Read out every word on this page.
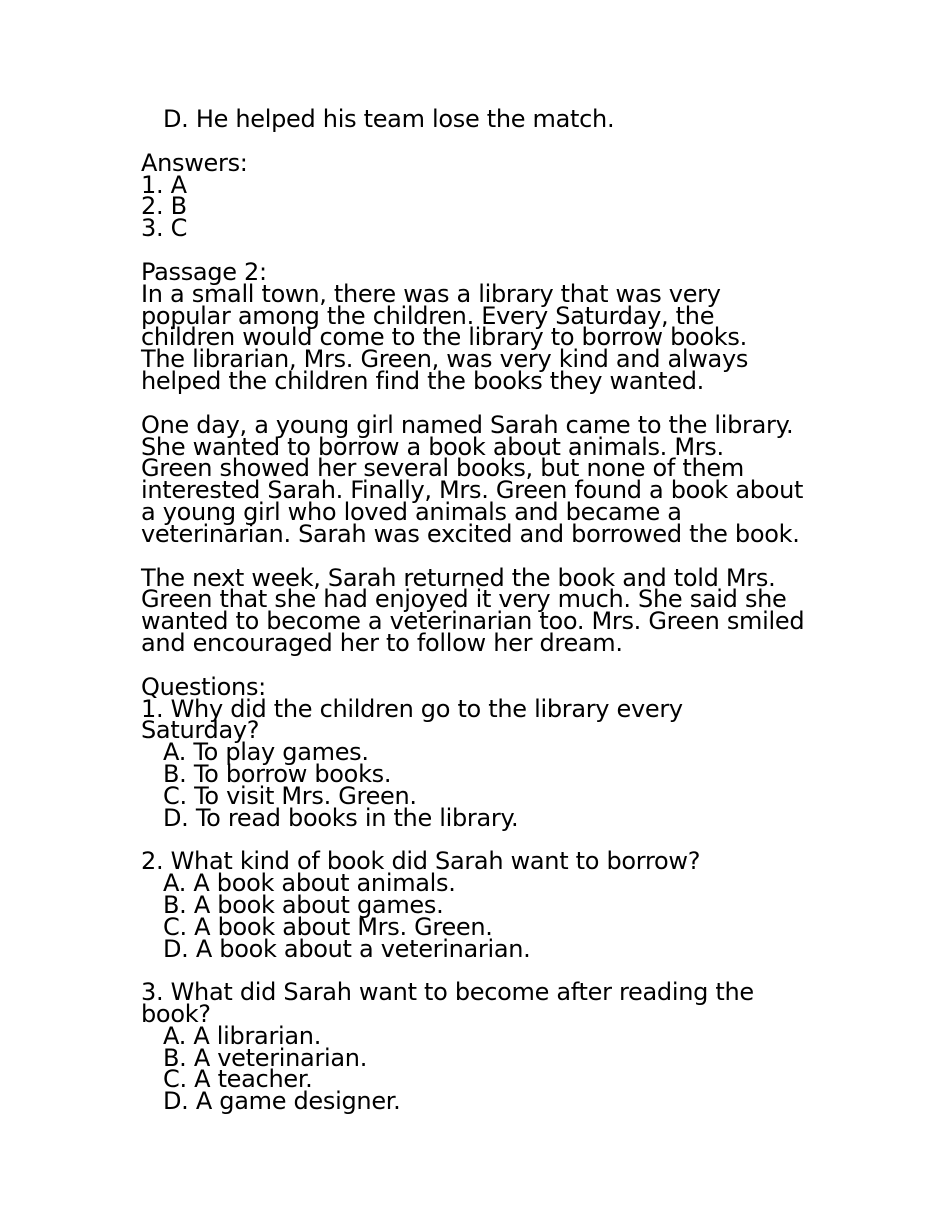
D. He helped his team lose the match.
Answers:
1. A
2. B
3. C
Passage 2:
In a small town, there was a library that was very
popular among the children. Every Saturday, the
children would come to the library to borrow books.
The librarian, Mrs. Green, was very kind and always
helped the children find the books they wanted.
One day, a young girl named Sarah came to the library.
She wanted to borrow a book about animals. Mrs.
Green showed her several books, but none of them
interested Sarah. Finally, Mrs. Green found a book about
a young girl who loved animals and became a
veterinarian. Sarah was excited and borrowed the book.
The next week, Sarah returned the book and told Mrs.
Green that she had enjoyed it very much. She said she
wanted to become a veterinarian too. Mrs. Green smiled
and encouraged her to follow her dream.
Questions:
1. Why did the children go to the library every
Saturday?
A. To play games.
B. To borrow books.
C. To visit Mrs. Green.
D. To read books in the library.
2. What kind of book did Sarah want to borrow?
A. A book about animals.
B. A book about games.
C. A book about Mrs. Green.
D. A book about a veterinarian.
3. What did Sarah want to become after reading the
book?
A. A librarian.
B. A veterinarian.
C. A teacher.
D. A game designer.
